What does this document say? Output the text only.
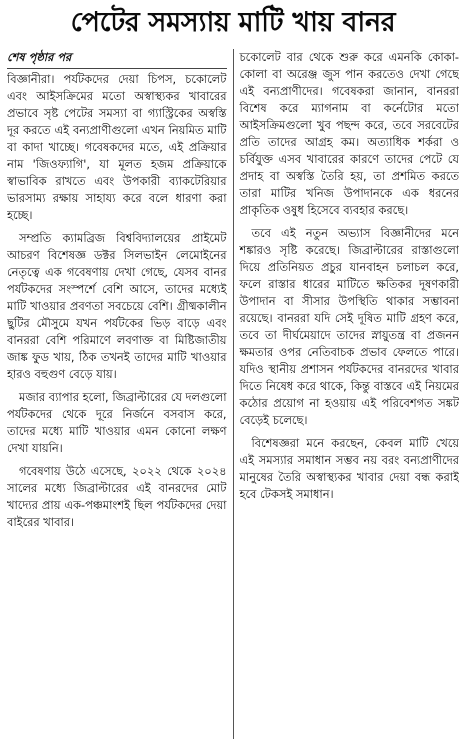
পেটের সমস্যায় মাটি খায় বানর
শেষ পৃষ্ঠার পর

বিজ্ঞানীরা। পর্যটকদের দেয়া চিপস, চকোলেট এবং আইসক্রিমের মতো অস্বাস্থ্যকর খাবারের প্রভাবে সৃষ্ট পেটের সমস্যা বা গ্যাস্ট্রিকের অস্বস্তি দূর করতে এই বন্যপ্রাণীগুলো এখন নিয়মিত মাটি বা কাদা খাচ্ছে। গবেষকদের মতে, এই প্রক্রিয়ার নাম 'জিওফ্যাগি', যা মূলত হজম প্রক্রিয়াকে স্বাভাবিক রাখতে এবং উপকারী ব্যাকটেরিয়ার ভারসাম্য রক্ষায় সাহায্য করে বলে ধারণা করা হচ্ছে।

সম্প্রতি ক্যামব্রিজ বিশ্ববিদ্যালয়ের প্রাইমেট আচরণ বিশেষজ্ঞ ডক্টর সিলভাইন লেমোইনের নেতৃত্বে এক গবেষণায় দেখা গেছে, যেসব বানর পর্যটকদের সংস্পর্শে বেশি আসে, তাদের মধ্যেই মাটি খাওয়ার প্রবণতা সবচেয়ে বেশি। গ্রীষ্মকালীন ছুটির মৌসুমে যখন পর্যটকের ভিড় বাড়ে এবং বানররা বেশি পরিমাণে লবণাক্ত বা মিষ্টিজাতীয় জাঙ্ক ফুড খায়, ঠিক তখনই তাদের মাটি খাওয়ার হারও বহুগুণ বেড়ে যায়।

মজার ব্যাপার হলো, জিব্রাল্টারের যে দলগুলো পর্যটকদের থেকে দূরে নির্জনে বসবাস করে, তাদের মধ্যে মাটি খাওয়ার এমন কোনো লক্ষণ দেখা যায়নি।

গবেষণায় উঠে এসেছে, ২০২২ থেকে ২০২৪ সালের মধ্যে জিব্রাল্টারের এই বানরদের মোট খাদ্যের প্রায় এক-পঞ্চমাংশই ছিল পর্যটকদের দেয়া বাইরের খাবার।

চকোলেট বার থেকে শুরু করে এমনকি কোকা-কোলা বা অরেঞ্জ জুস পান করতেও দেখা গেছে এই বন্যপ্রাণীদের। গবেষকরা জানান, বানররা বিশেষ করে ম্যাগনাম বা কর্নেটোর মতো আইসক্রিমগুলো খুব পছন্দ করে, তবে সরবেটের প্রতি তাদের আগ্রহ কম। অত্যাধিক শর্করা ও চর্বিযুক্ত এসব খাবারের কারণে তাদের পেটে যে প্রদাহ বা অস্বস্তি তৈরি হয়, তা প্রশমিত করতে তারা মাটির খনিজ উপাদানকে এক ধরনের প্রাকৃতিক ওষুধ হিসেবে ব্যবহার করছে।

তবে এই নতুন অভ্যাস বিজ্ঞানীদের মনে শঙ্কারও সৃষ্টি করেছে। জিব্রাল্টারের রাস্তাগুলো দিয়ে প্রতিনিয়ত প্রচুর যানবাহন চলাচল করে, ফলে রাস্তার ধারের মাটিতে ক্ষতিকর দূষণকারী উপাদান বা সীসার উপস্থিতি থাকার সম্ভাবনা রয়েছে। বানররা যদি সেই দূষিত মাটি গ্রহণ করে, তবে তা দীর্ঘমেয়াদে তাদের স্নায়ুতন্ত্র বা প্রজনন ক্ষমতার ওপর নেতিবাচক প্রভাব ফেলতে পারে। যদিও স্থানীয় প্রশাসন পর্যটকদের বানরদের খাবার দিতে নিষেধ করে থাকে, কিন্তু বাস্তবে এই নিয়মের কঠোর প্রয়োগ না হওয়ায় এই পরিবেশগত সঙ্কট বেড়েই চলেছে।

বিশেষজ্ঞরা মনে করছেন, কেবল মাটি খেয়ে এই সমস্যার সমাধান সম্ভব নয় বরং বন্যপ্রাণীদের মানুষের তৈরি অস্বাস্থ্যকর খাবার দেয়া বন্ধ করাই হবে টেকসই সমাধান।
